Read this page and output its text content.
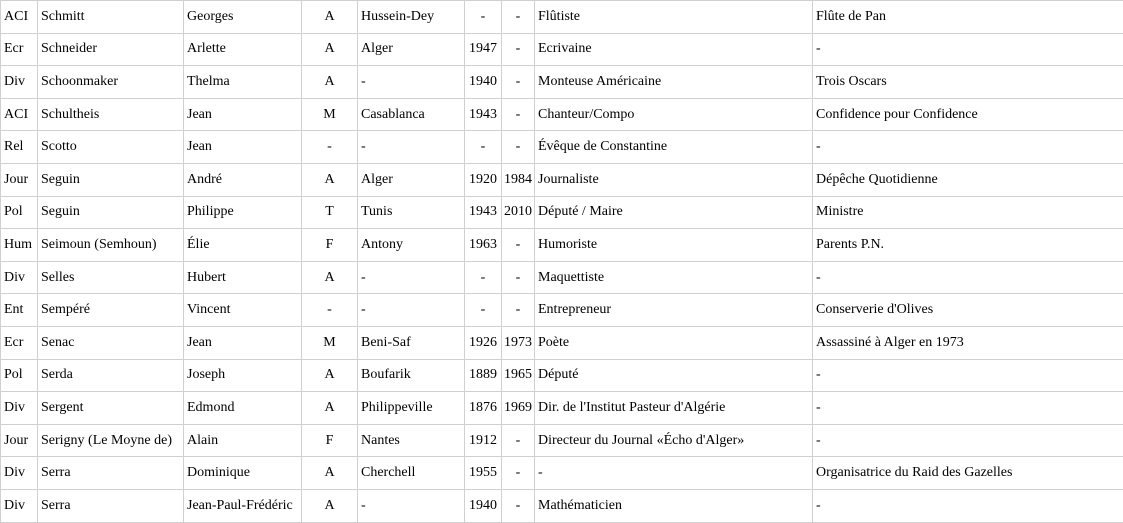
ACI	Schmitt	Georges	A	Hussein-Dey	-	-	Flûtiste	Flûte de Pan
Ecr	Schneider	Arlette	A	Alger	1947	-	Ecrivaine	-
Div	Schoonmaker	Thelma	A	-	1940	-	Monteuse Américaine	Trois Oscars
ACI	Schultheis	Jean	M	Casablanca	1943	-	Chanteur/Compo	Confidence pour Confidence
Rel	Scotto	Jean	-	-	-	-	Évêque de Constantine	-
Jour	Seguin	André	A	Alger	1920	1984	Journaliste	Dépêche Quotidienne
Pol	Seguin	Philippe	T	Tunis	1943	2010	Député / Maire	Ministre
Hum	Seimoun (Semhoun)	Élie	F	Antony	1963	-	Humoriste	Parents P.N.
Div	Selles	Hubert	A	-	-	-	Maquettiste	-
Ent	Sempéré	Vincent	-	-	-	-	Entrepreneur	Conserverie d'Olives
Ecr	Senac	Jean	M	Beni-Saf	1926	1973	Poète	Assassiné à Alger en 1973
Pol	Serda	Joseph	A	Boufarik	1889	1965	Député	-
Div	Sergent	Edmond	A	Philippeville	1876	1969	Dir. de l'Institut Pasteur d'Algérie	-
Jour	Serigny (Le Moyne de)	Alain	F	Nantes	1912	-	Directeur du Journal «Écho d'Alger»	-
Div	Serra	Dominique	A	Cherchell	1955	-	-	Organisatrice du Raid des Gazelles
Div	Serra	Jean-Paul-Frédéric	A	-	1940	-	Mathématicien	-
